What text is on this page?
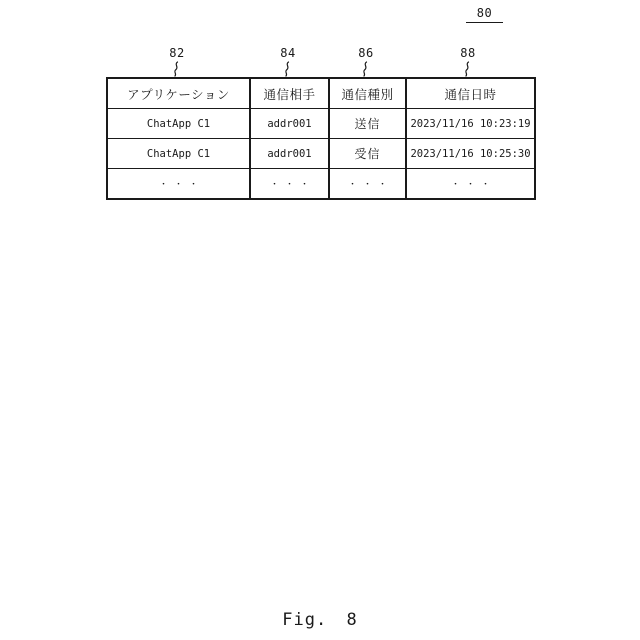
80
82	84	86	88
アプリケーション	通信相手	通信種別	通信日時
ChatApp C1	addr001	送信	2023/11/16 10:23:19
ChatApp C1	addr001	受信	2023/11/16 10:25:30
・・・	・・・	・・・	・・・
Fig. 8
